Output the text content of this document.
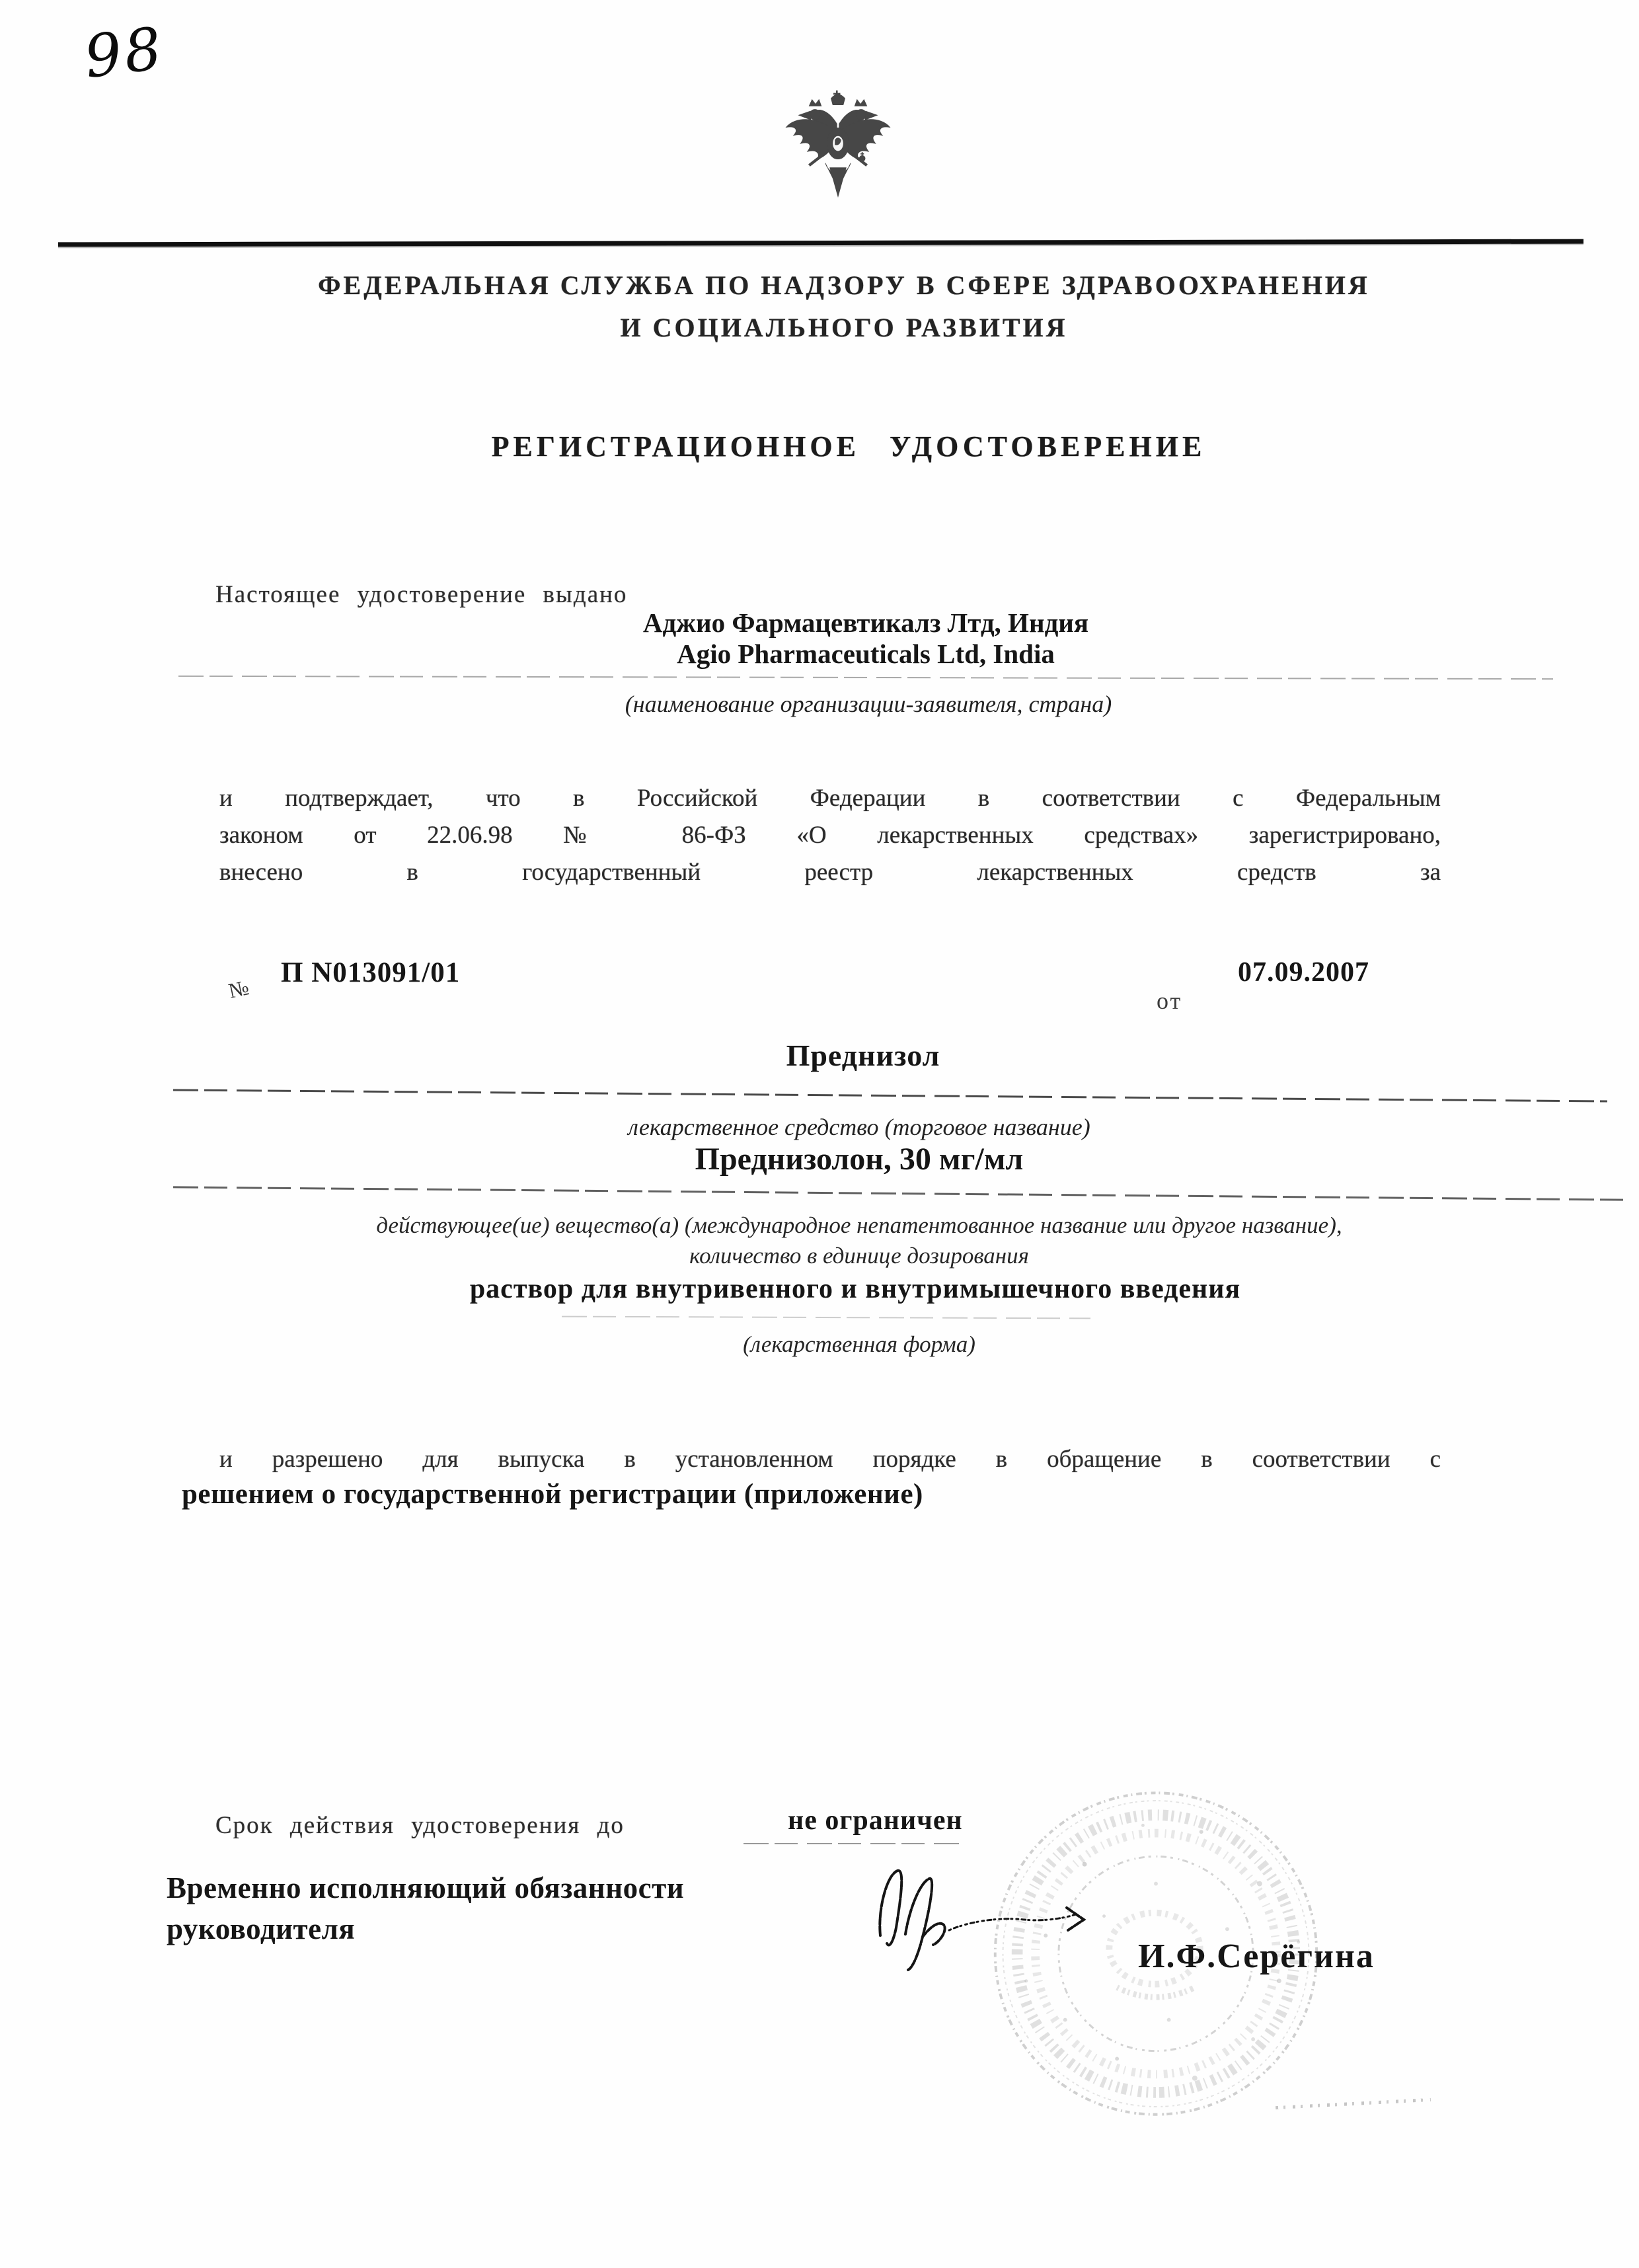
98
ФЕДЕРАЛЬНАЯ СЛУЖБА ПО НАДЗОРУ В СФЕРЕ ЗДРАВООХРАНЕНИЯ
И СОЦИАЛЬНОГО РАЗВИТИЯ
РЕГИСТРАЦИОННОЕ УДОСТОВЕРЕНИЕ
Настоящее удостоверение выдано
Аджио Фармацевтикалз Лтд, Индия
Agio Pharmaceuticals Ltd, India
(наименование организации-заявителя, страна)
и подтверждает, что в Российской Федерации в соответствии с Федеральным
законом от 22.06.98 № 86-ФЗ «О лекарственных средствах» зарегистрировано,
внесено в государственный реестр лекарственных средств за
№
П N013091/01
от
07.09.2007
Преднизол
лекарственное средство (торговое название)
Преднизолон, 30 мг/мл
действующее(ие) вещество(а) (международное непатентованное название или другое название),
количество в единице дозирования
раствор для внутривенного и внутримышечного введения
(лекарственная форма)
и разрешено для выпуска в установленном порядке в обращение в соответствии с
решением о государственной регистрации (приложение)
Срок действия удостоверения до	не ограничен
Временно исполняющий обязанности
руководителя
И.Ф.Серёгина
